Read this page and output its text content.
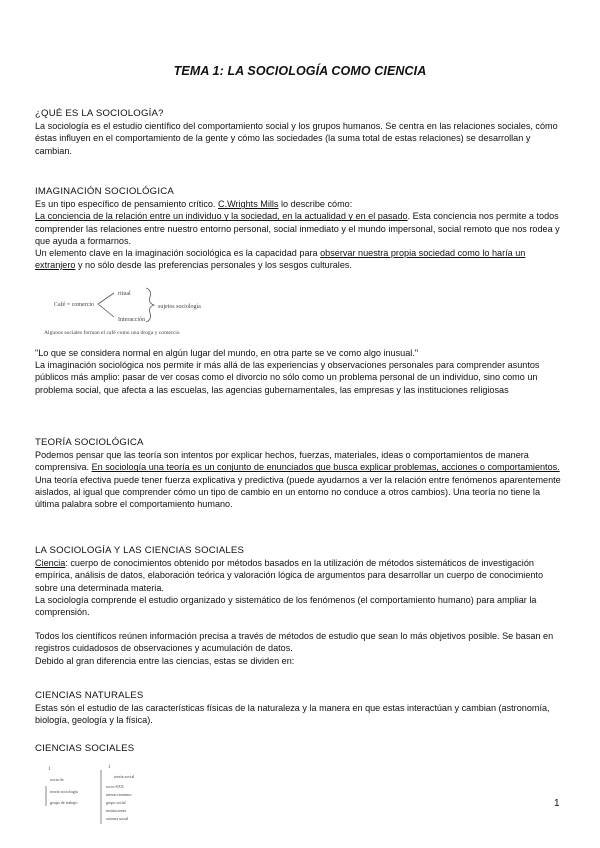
TEMA 1: LA SOCIOLOGÍA COMO CIENCIA

¿QUÉ ES LA SOCIOLOGÍA?

La sociología es el estudio científico del comportamiento social y los grupos humanos. Se centra en las relaciones sociales, cómo éstas influyen en el comportamiento de la gente y cómo las sociedades (la suma total de estas relaciones) se desarrollan y cambian.

IMAGINACIÓN SOCIOLÓGICA

Es un tipo específico de pensamiento crítico. C.Wrights Mills lo describe cómo:

La conciencia de la relación entre un individuo y la sociedad, en la actualidad y en el pasado. Esta conciencia nos permite a todos comprender las relaciones entre nuestro entorno personal, social inmediato y el mundo impersonal, social remoto que nos rodea y que ayuda a formarnos.

Un elemento clave en la imaginación sociológica es la capacidad para observar nuestra propia sociedad como lo haría un extranjero y no sólo desde las preferencias personales y los sesgos culturales.

Café = comercio
ritual
Interacción
sujetos sociología
Algunos sociales forman el café como una droga y comercio

"Lo que se considera normal en algún lugar del mundo, en otra parte se ve como algo inusual."

La imaginación sociológica nos permite ir más allá de las experiencias y observaciones personales para comprender asuntos públicos más amplio: pasar de ver cosas como el divorcio no sólo como un problema personal de un individuo, sino como un problema social, que afecta a las escuelas, las agencias gubernamentales, las empresas y las instituciones religiosas

TEORÍA SOCIOLÓGICA

Podemos pensar que las teoría son intentos por explicar hechos, fuerzas, materiales, ideas o comportamientos de manera comprensiva. En sociología una teoría es un conjunto de enunciados que busca explicar problemas, acciones o comportamientos.

Una teoría efectiva puede tener fuerza explicativa y predictiva (puede ayudarnos a ver la relación entre fenómenos aparentemente aislados, al igual que comprender cómo un tipo de cambio en un entorno no conduce a otros cambios). Una teoría no tiene la última palabra sobre el comportamiento humano.

LA SOCIOLOGÍA Y LAS CIENCIAS SOCIALES

Ciencia: cuerpo de conocimientos obtenido por métodos basados en la utilización de métodos sistemáticos de investigación empírica, análisis de datos, elaboración teórica y valoración lógica de argumentos para desarrollar un cuerpo de conocimiento sobre una determinada materia.

La sociología comprende el estudio organizado y sistemático de los fenómenos (el comportamiento humano) para ampliar la comprensión.

Todos los científicos reúnen información precisa a través de métodos de estudio que sean lo más objetivos posible. Se basan en registros cuidadosos de observaciones y acumulación de datos.

Debido al gran diferencia entre las ciencias, estas se dividen en:

CIENCIAS NATURALES

Estas són el estudio de las características físicas de la naturaleza y la manera en que estas interactúan y cambian (astronomía, biología, geología y la física).

CIENCIAS SOCIALES

1	1
socia de
teoría social
teoría sociología
grupo de trabajo
socio-SXX
interaccionismo
grupo social
instituciones
sistema social
1
